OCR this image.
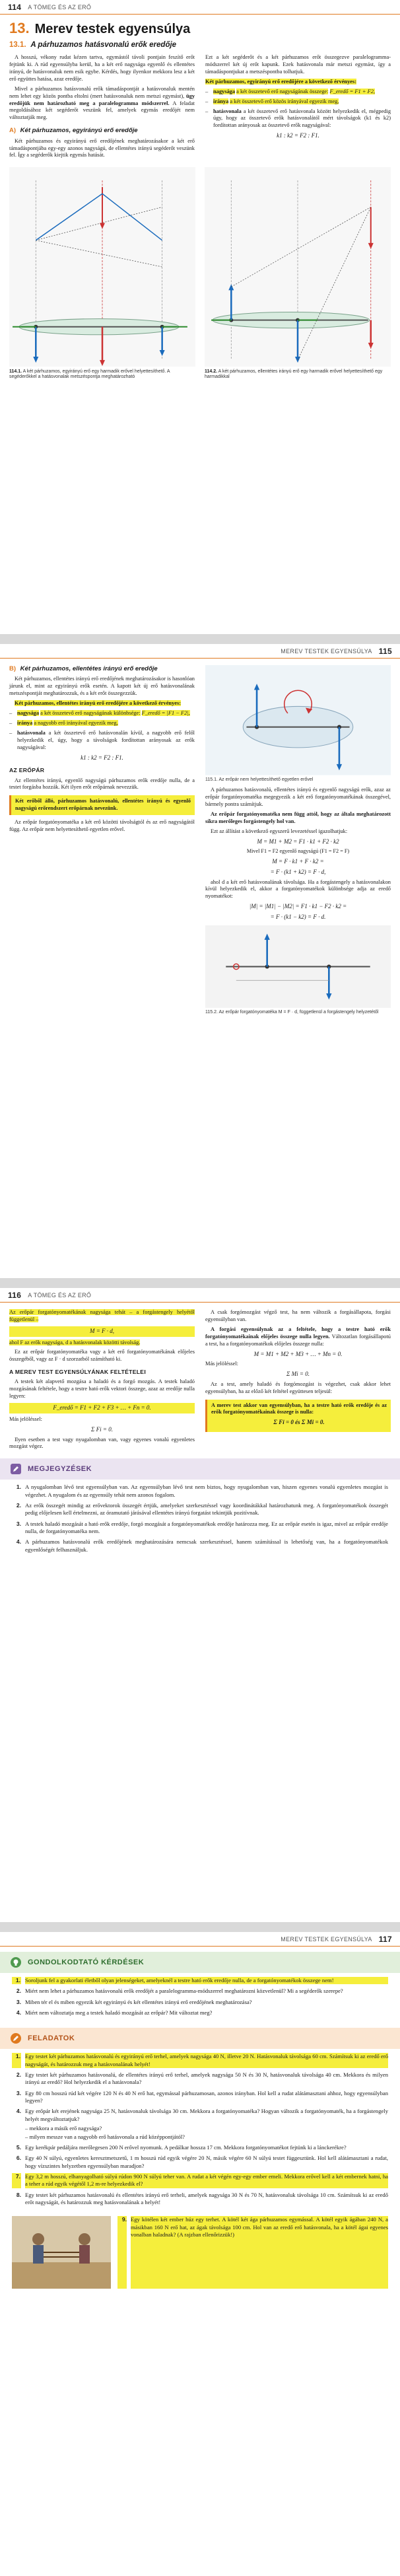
114 A TÖMEG ÉS AZ ERŐ
13. Merev testek egyensúlya
13.1. A párhuzamos hatásvonalú erők eredője

A hosszú, vékony rudat kézen tartva, egymástól távoli pontjain feszítő erőt fejtünk ki. A rúd egyensúlyba kerül, ha a két erő nagysága egyenlő és ellentétes irányú, de hatásvonaluk nem esik egybe. Kérdés, hogy ilyenkor mekkora lesz a két erő együttes hatása, azaz eredője.

Mivel a párhuzamos hatásvonalú erők támadáspontját a hatásvonaluk mentén nem lehet egy közös pontba eltolni (mert hatásvonaluk nem metszi egymást), ügy eredőjük nem határozható meg a paralelogramma módszerrel. A feladat megoldásához két segéderőt veszünk fel, amelyek egymás eredőjét nem változtatják meg.

A) Két párhuzamos, egyirányú erő eredője

Két párhuzamos és egyirányú erő eredőjének meghatározásakor a két erő támadáspontjába egy-egy azonos nagyságú, de ellentétes irányú segéderőt veszünk fel. Így a segéderők kiejtik egymás hatását.

Ezt a két segéderőt és a két párhuzamos erőt összegezve paralelogramma-módszerrel két új erőt kapunk. Ezek hatásvonala már metszi egymást, így a támadáspontjukat a metszéspontba tolhatjuk.

Két párhuzamos, egyirányú erő eredőjére a következő érvényes:

– nagysága a két összetevő erő nagyságának összege: F_eredő = F1 + F2,
– iránya a két összetevő erő közös irányával egyezik meg,
– hatásvonala a két összetevő erő hatásvonala között helyezkedik el, mégpedig úgy, hogy az összetevő erők hatásvonalától mért távolságok (k1 és k2) fordítottan arányosak az összetevő erők nagyságával:
k1 : k2 = F2 : F1.
114.1. A két párhuzamos, egyirányú erő egy harmadik erővel helyettesíthető. A segéderőkkel a hatásvonalak metszéspontja meghatározható
114.2. A két párhuzamos, ellentétes irányú erő egy harmadik erővel helyettesíthető egy harmadikkal
MEREV TESTEK EGYENSÚLYA 115
B) Két párhuzamos, ellentétes irányú erő eredője

Két párhuzamos, ellentétes irányú erő eredőjének meghatározásakor is hasonlóan járunk el, mint az egyirányú erők esetén. A kapott két új erő hatásvonalának metszéspontját meghatározzuk, és a két erőt összegezzük.

Két párhuzamos, ellentétes irányú erő eredőjére a következő érvényes:

– nagysága a két összetevő erő nagyságának különbsége: F_eredő = |F1 − F2|,
– iránya a nagyobb erő irányával egyezik meg,
– hatásvonala a két összetevő erő hatásvonalán kívül, a nagyobb erő felől helyezkedik el, úgy, hogy a távolságok fordítottan arányosak az erők nagyságával:
k1 : k2 = F2 : F1.
AZ ERŐPÁR

Az ellentétes irányú, egyenlő nagyságú párhuzamos erők eredője nulla, de a testet forgásba hozzák. Két ilyen erőt erőpárnak nevezzük.

Két erőből álló, párhuzamos hatásvonalú, ellentétes irányú és egyenlő nagyságú erőrendszert erőpárnak nevezünk.

Az erőpár forgatónyomatéka a két erő közötti távolságtól és az erő nagyságától függ. Az erőpár nem helyettesíthető egyetlen erővel.

115.1. Az erőpár nem helyettesíthető egyetlen erővel

A párhuzamos hatásvonalú, ellentétes irányú és egyenlő nagyságú erők, azaz az erőpár forgatónyomatéka megegyezik a két erő forgatónyomatékának összegével, bármely pontra számítjuk.

Az erőpár forgatónyomatéka nem függ attól, hogy az általa meghatározott síkra merőleges forgástengely hol van.

Ezt az állítást a következő egyszerű levezetéssel igazolhatjuk:

M = M1 + M2 = F1 · k1 + F2 · k2
Mivel F1 = F2 egyenlő nagyságú (F1 = F2 = F)
M = F · k1 + F · k2 =
= F · (k1 + k2) = F · d,

ahol d a két erő hatásvonalának távolsága. Ha a forgástengely a hatásvonalakon kívül helyezkedik el, akkor a forgatónyomatékok különbsége adja az eredő nyomatékot:

|M| = |M1| − |M2| = F1 · k1 − F2 · k2 =
= F · (k1 − k2) = F · d.
115.2. Az erőpár forgatónyomatéka M = F · d, függetlenül a forgástengely helyzetétől
116 A TÖMEG ÉS AZ ERŐ

Az erőpár forgatónyomatékának nagysága tehát – a forgástengely helyétől függetlenül –

M = F · d,

ahol F az erők nagysága, d a hatásvonalak közötti távolság.

Ez az erőpár forgatónyomatéka vagy a két erő forgatónyomatékának előjeles összegéből, vagy az F · d szorzatból számítható ki.

A MEREV TEST EGYENSÚLYÁNAK FELTÉTELEI

A testek két alapvető mozgása a haladó és a forgó mozgás. A testek haladó mozgásának feltétele, hogy a testre ható erők vektori összege, azaz az eredője nulla legyen:

F_eredő = F1 + F2 + F3 + … + Fn = 0.

Más jelöléssel:

Σ Fi = 0.

Ilyen esetben a test vagy nyugalomban van, vagy egyenes vonalú egyenletes mozgást végez.

A csak forgómozgást végző test, ha nem változik a forgásállapota, forgási egyensúlyban van.

A forgási egyensúlynak az a feltétele, hogy a testre ható erők forgatónyomatékainak előjeles összege nulla legyen. Változatlan forgásállapotú a test, ha a forgatónyomatékok előjeles összege nulla:

M = M1 + M2 + M3 + … + Mn = 0.

Más jelöléssel:

Σ Mi = 0.

Az a test, amely haladó és forgómozgást is végezhet, csak akkor lehet egyensúlyban, ha az előző két feltétel együttesen teljesül:

A merev test akkor van egyensúlyban, ha a testre ható erők eredője és az erők forgatónyomatékainak összege is nulla:
Σ Fi = 0 és Σ Mi = 0.
MEGJEGYZÉSEK
1. A nyugalomban lévő test egyensúlyban van. Az egyensúlyban lévő test nem biztos, hogy nyugalomban van, hiszen egyenes vonalú egyenletes mozgást is végezhet. A nyugalom és az egyensúly tehát nem azonos fogalom.
2. Az erők összegét mindig az erővektorok összegét értjük, amelyeket szerkesztéssel vagy koordinátákkal határozhatunk meg. A forgatónyomatékok összegét pedig előjelesen kell értelmezni, az óramutató járásával ellentétes irányú forgatást tekintjük pozitívnak.
3. A testek haladó mozgását a ható erők eredője, forgó mozgását a forgatónyomatékok eredője határozza meg. Ez az erőpár esetén is igaz, mivel az erőpár eredője nulla, de forgatónyomatéka nem.
4. A párhuzamos hatásvonalú erők eredőjének meghatározására nemcsak szerkesztéssel, hanem számítással is lehetőség van, ha a forgatónyomatékok egyenlőségét felhasználjuk.
MEREV TESTEK EGYENSÚLYA 117
GONDOLKODTATÓ KÉRDÉSEK
1. Soroljunk fel a gyakorlati életből olyan jelenségeket, amelyeknél a testre ható erők eredője nulla, de a forgatónyomatékok összege nem!
2. Miért nem lehet a párhuzamos hatásvonalú erők eredőjét a paralelogramma-módszerrel meghatározni közvetlenül? Mi a segéderők szerepe?
3. Miben tér el és miben egyezik két egyirányú és két ellentétes irányú erő eredőjének meghatározása?
4. Miért nem változtatja meg a testek haladó mozgását az erőpár? Mit változtat meg?
FELADATOK
1. Egy testet két párhuzamos hatásvonalú és egyirányú erő terhel, amelyek nagysága 40 N, illetve 20 N. Hatásvonaluk távolsága 60 cm. Számítsuk ki az eredő erő nagyságát, és határozzuk meg a hatásvonalának helyét!
2. Egy testet két párhuzamos hatásvonalú, de ellentétes irányú erő terhel, amelyek nagysága 50 N és 30 N, hatásvonaluk távolsága 40 cm. Mekkora és milyen irányú az eredő? Hol helyezkedik el a hatásvonala?
3. Egy 80 cm hosszú rúd két végére 120 N és 40 N erő hat, egymással párhuzamosan, azonos irányban. Hol kell a rudat alátámasztani ahhoz, hogy egyensúlyban legyen?
4. Egy erőpár két erejének nagysága 25 N, hatásvonaluk távolsága 30 cm. Mekkora a forgatónyomatéka? Hogyan változik a forgatónyomaték, ha a forgástengely helyét megváltoztatjuk?
– mekkora a másik erő nagysága?
– milyen messze van a nagyobb erő hatásvonala a rúd középpontjától?
5. Egy kerékpár pedáljára merőlegesen 200 N erővel nyomunk. A pedálkar hossza 17 cm. Mekkora forgatónyomatékot fejtünk ki a lánckerékre?
6. Egy 40 N súlyú, egyenletes keresztmetszetű, 1 m hosszú rúd egyik végére 20 N, másik végére 60 N súlyú testet függesztünk. Hol kell alátámasztani a rudat, hogy vízszintes helyzetben egyensúlyban maradjon?
7. Egy 3,2 m hosszú, elhanyagolható súlyú rúdon 900 N súlyú teher van. A rudat a két végén egy-egy ember emeli. Mekkora erővel kell a két embernek hatni, ha a teher a rúd egyik végétől 1,2 m-re helyezkedik el?
8. Egy testet két párhuzamos hatásvonalú és ellentétes irányú erő terheli, amelyek nagysága 30 N és 70 N, hatásvonaluk távolsága 10 cm. Számítsuk ki az eredő erőt nagyságát, és határozzuk meg hatásvonalának a helyét!
9. Egy kötélen két ember húz egy terhet. A kötél két ága párhuzamos egymással. A kötél egyik ágában 240 N, a másikban 160 N erő hat, az ágak távolsága 100 cm. Hol van az eredő erő hatásvonala, ha a kötél ágai egyenes vonalban haladnak? (A rajzban ellenőrizzük!)
